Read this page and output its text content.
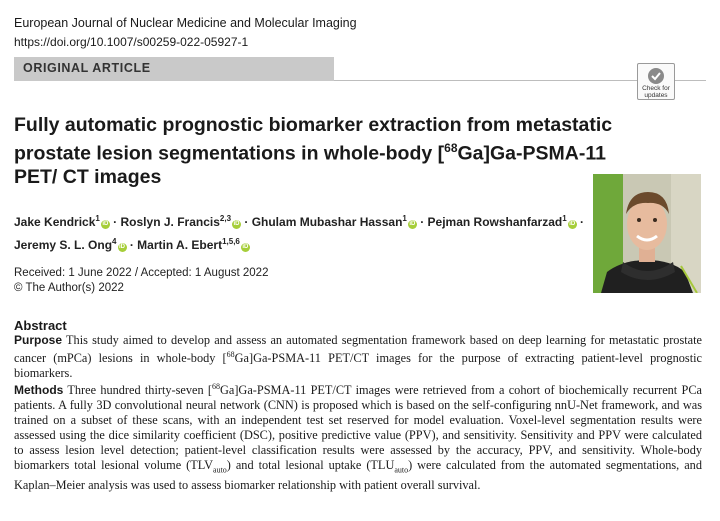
European Journal of Nuclear Medicine and Molecular Imaging
https://doi.org/10.1007/s00259-022-05927-1
ORIGINAL ARTICLE
Check for
updates
Fully automatic prognostic biomarker extraction from metastatic prostate lesion segmentations in whole-body [$^{68}$Ga]Ga-PSMA-11 PET/ CT images
Jake Kendrick$^1$iD · Roslyn J. Francis$^{2,3}$iD · Ghulam Mubashar Hassan$^1$iD · Pejman Rowshanfarzad$^1$iD ·
Jeremy S. L. Ong$^4$iD · Martin A. Ebert$^{1,5,6}$iD
Received: 1 June 2022 / Accepted: 1 August 2022
© The Author(s) 2022
Abstract

Purpose This study aimed to develop and assess an automated segmentation framework based on deep learning for metastatic prostate cancer (mPCa) lesions in whole-body [$^{68}$Ga]Ga-PSMA-11 PET/CT images for the purpose of extracting patient-level prognostic biomarkers.

Methods Three hundred thirty-seven [$^{68}$Ga]Ga-PSMA-11 PET/CT images were retrieved from a cohort of biochemically recurrent PCa patients. A fully 3D convolutional neural network (CNN) is proposed which is based on the self-configuring nnU-Net framework, and was trained on a subset of these scans, with an independent test set reserved for model evaluation. Voxel-level segmentation results were assessed using the dice similarity coefficient (DSC), positive predictive value (PPV), and sensitivity. Sensitivity and PPV were calculated to assess lesion level detection; patient-level classification results were assessed by the accuracy, PPV, and sensitivity. Whole-body biomarkers total lesional volume $(TLV_{auto})$ and total lesional uptake $(TLU_{auto})$ were calculated from the automated segmentations, and Kaplan–Meier analysis was used to assess biomarker relationship with patient overall survival.
